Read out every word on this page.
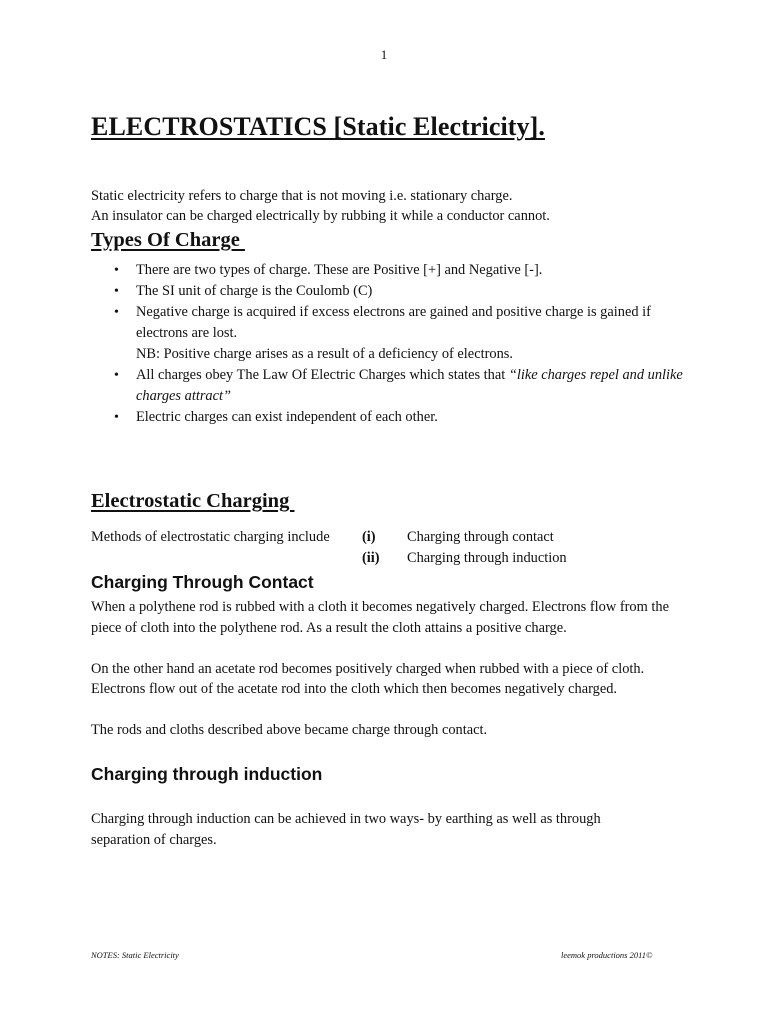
1
ELECTROSTATICS [Static Electricity].

Static electricity refers to charge that is not moving i.e. stationary charge.

An insulator can be charged electrically by rubbing it while a conductor cannot.

Types Of Charge
• There are two types of charge. These are Positive [+] and Negative [-].
• The SI unit of charge is the Coulomb (C)
• Negative charge is acquired if excess electrons are gained and positive charge is gained if electrons are lost.
NB: Positive charge arises as a result of a deficiency of electrons.
• All charges obey The Law Of Electric Charges which states that “like charges repel and unlike charges attract”
• Electric charges can exist independent of each other.
Electrostatic Charging
Methods of electrostatic charging include (i)	Charging through contact
(ii)	Charging through induction
Charging Through Contact

When a polythene rod is rubbed with a cloth it becomes negatively charged. Electrons flow from the piece of cloth into the polythene rod. As a result the cloth attains a positive charge.

On the other hand an acetate rod becomes positively charged when rubbed with a piece of cloth. Electrons flow out of the acetate rod into the cloth which then becomes negatively charged.

The rods and cloths described above became charge through contact.

Charging through induction

Charging through induction can be achieved in two ways- by earthing as well as through separation of charges.

NOTES: Static Electricity	leemok productions 2011©
